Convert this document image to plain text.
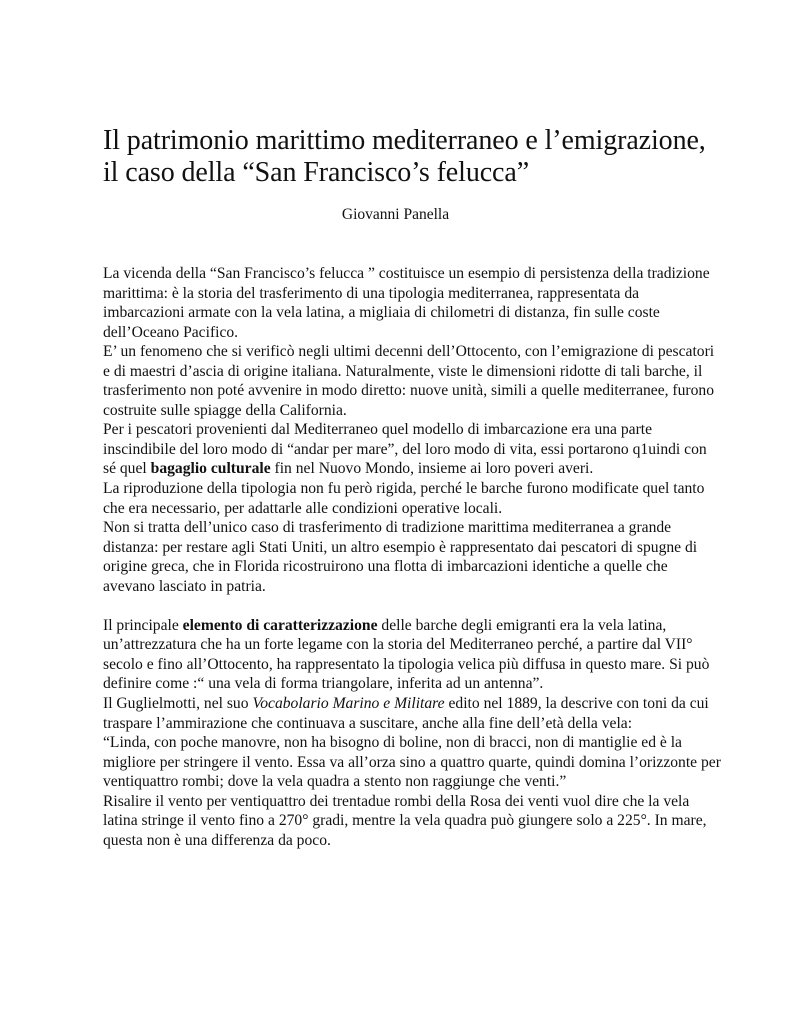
Il patrimonio marittimo mediterraneo e l’emigrazione,
il caso della “San Francisco’s felucca”

Giovanni Panella

La vicenda della “San Francisco’s felucca ” costituisce un esempio di persistenza della tradizione marittima: è la storia del trasferimento di una tipologia mediterranea, rappresentata da imbarcazioni armate con la vela latina, a migliaia di chilometri di distanza, fin sulle coste dell’Oceano Pacifico.

E’ un fenomeno che si verificò negli ultimi decenni dell’Ottocento, con l’emigrazione di pescatori e di maestri d’ascia di origine italiana. Naturalmente, viste le dimensioni ridotte di tali barche, il trasferimento non poté avvenire in modo diretto: nuove unità, simili a quelle mediterranee, furono costruite sulle spiagge della California.

Per i pescatori provenienti dal Mediterraneo quel modello di imbarcazione era una parte inscindibile del loro modo di “andar per mare”, del loro modo di vita, essi portarono q1uindi con sé quel bagaglio culturale fin nel Nuovo Mondo, insieme ai loro poveri averi.

La riproduzione della tipologia non fu però rigida, perché le barche furono modificate quel tanto che era necessario, per adattarle alle condizioni operative locali.

Non si tratta dell’unico caso di trasferimento di tradizione marittima mediterranea a grande distanza: per restare agli Stati Uniti, un altro esempio è rappresentato dai pescatori di spugne di origine greca, che in Florida ricostruirono una flotta di imbarcazioni identiche a quelle che avevano lasciato in patria.

Il principale elemento di caratterizzazione delle barche degli emigranti era la vela latina, un’attrezzatura che ha un forte legame con la storia del Mediterraneo perché, a partire dal VII° secolo e fino all’Ottocento, ha rappresentato la tipologia velica più diffusa in questo mare. Si può definire come :“ una vela di forma triangolare, inferita ad un antenna”.

Il Guglielmotti, nel suo Vocabolario Marino e Militare edito nel 1889, la descrive con toni da cui traspare l’ammirazione che continuava a suscitare, anche alla fine dell’età della vela:

“Linda, con poche manovre, non ha bisogno di boline, non di bracci, non di mantiglie ed è la migliore per stringere il vento. Essa va all’orza sino a quattro quarte, quindi domina l’orizzonte per ventiquattro rombi; dove la vela quadra a stento non raggiunge che venti.”

Risalire il vento per ventiquattro dei trentadue rombi della Rosa dei venti vuol dire che la vela latina stringe il vento fino a 270° gradi, mentre la vela quadra può giungere solo a 225°. In mare, questa non è una differenza da poco.
